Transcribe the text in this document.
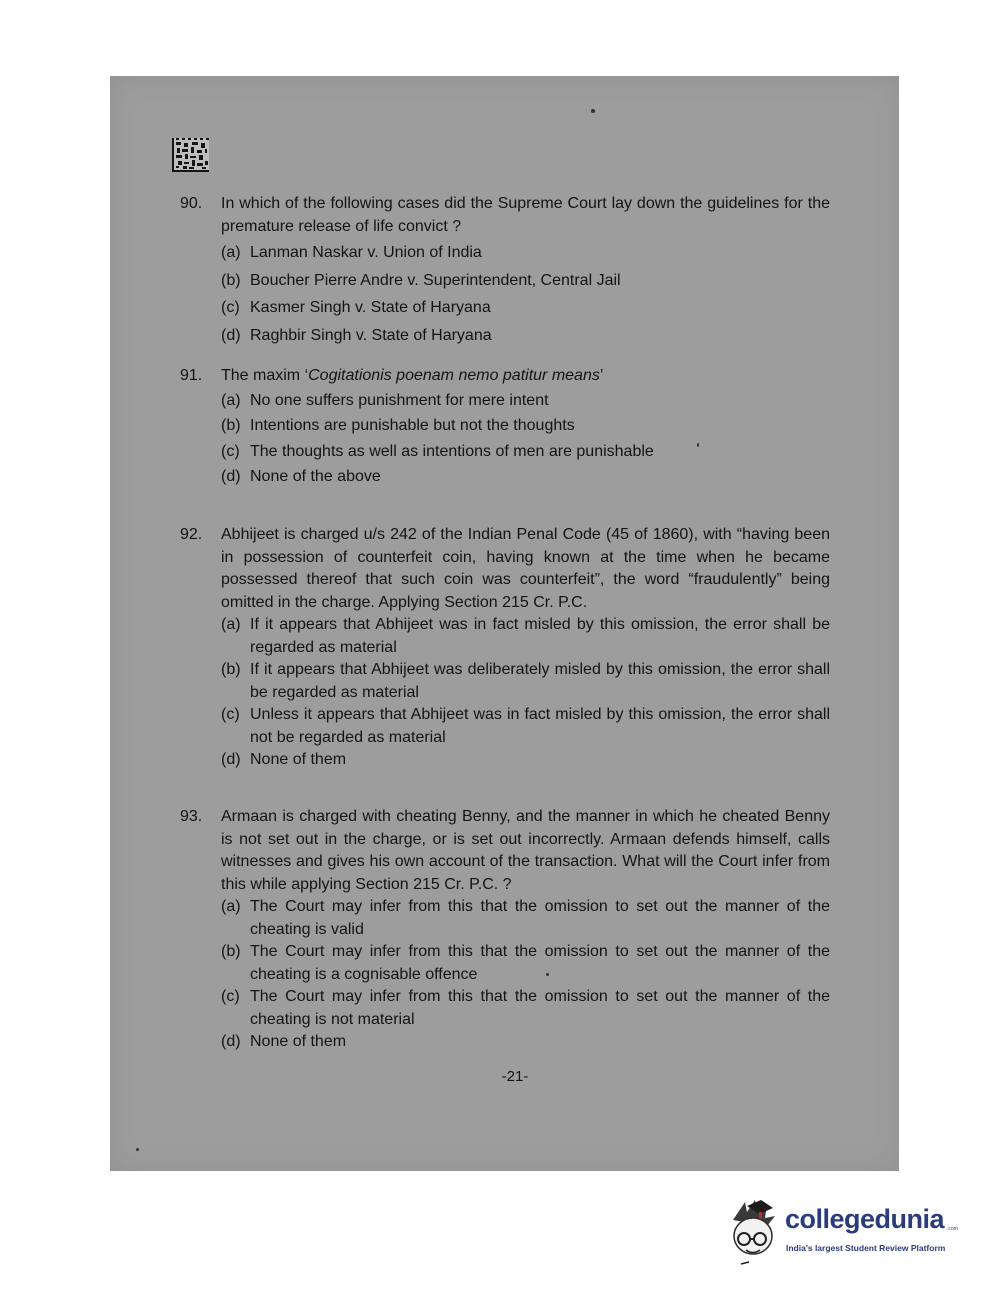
90.	In which of the following cases did the Supreme Court lay down the guidelines for the premature release of life convict ?
(a) Lanman Naskar v. Union of India
(b) Boucher Pierre Andre v. Superintendent, Central Jail
(c) Kasmer Singh v. State of Haryana
(d) Raghbir Singh v. State of Haryana
91.	The maxim ‘Cogitationis poenam nemo patitur means’
(a) No one suffers punishment for mere intent
(b) Intentions are punishable but not the thoughts
(c) The thoughts as well as intentions of men are punishable
(d) None of the above
92.	Abhijeet is charged u/s 242 of the Indian Penal Code (45 of 1860), with “having been in possession of counterfeit coin, having known at the time when he became possessed thereof that such coin was counterfeit”, the word “fraudulently” being omitted in the charge. Applying Section 215 Cr. P.C.
(a) If it appears that Abhijeet was in fact misled by this omission, the error shall be regarded as material
(b) If it appears that Abhijeet was deliberately misled by this omission, the error shall be regarded as material
(c) Unless it appears that Abhijeet was in fact misled by this omission, the error shall not be regarded as material
(d) None of them
93.	Armaan is charged with cheating Benny, and the manner in which he cheated Benny is not set out in the charge, or is set out incorrectly. Armaan defends himself, calls witnesses and gives his own account of the transaction. What will the Court infer from this while applying Section 215 Cr. P.C. ?
(a) The Court may infer from this that the omission to set out the manner of the cheating is valid
(b) The Court may infer from this that the omission to set out the manner of the cheating is a cognisable offence
(c) The Court may infer from this that the omission to set out the manner of the cheating is not material
(d) None of them
-21-
collegedunia .com
India's largest Student Review Platform
